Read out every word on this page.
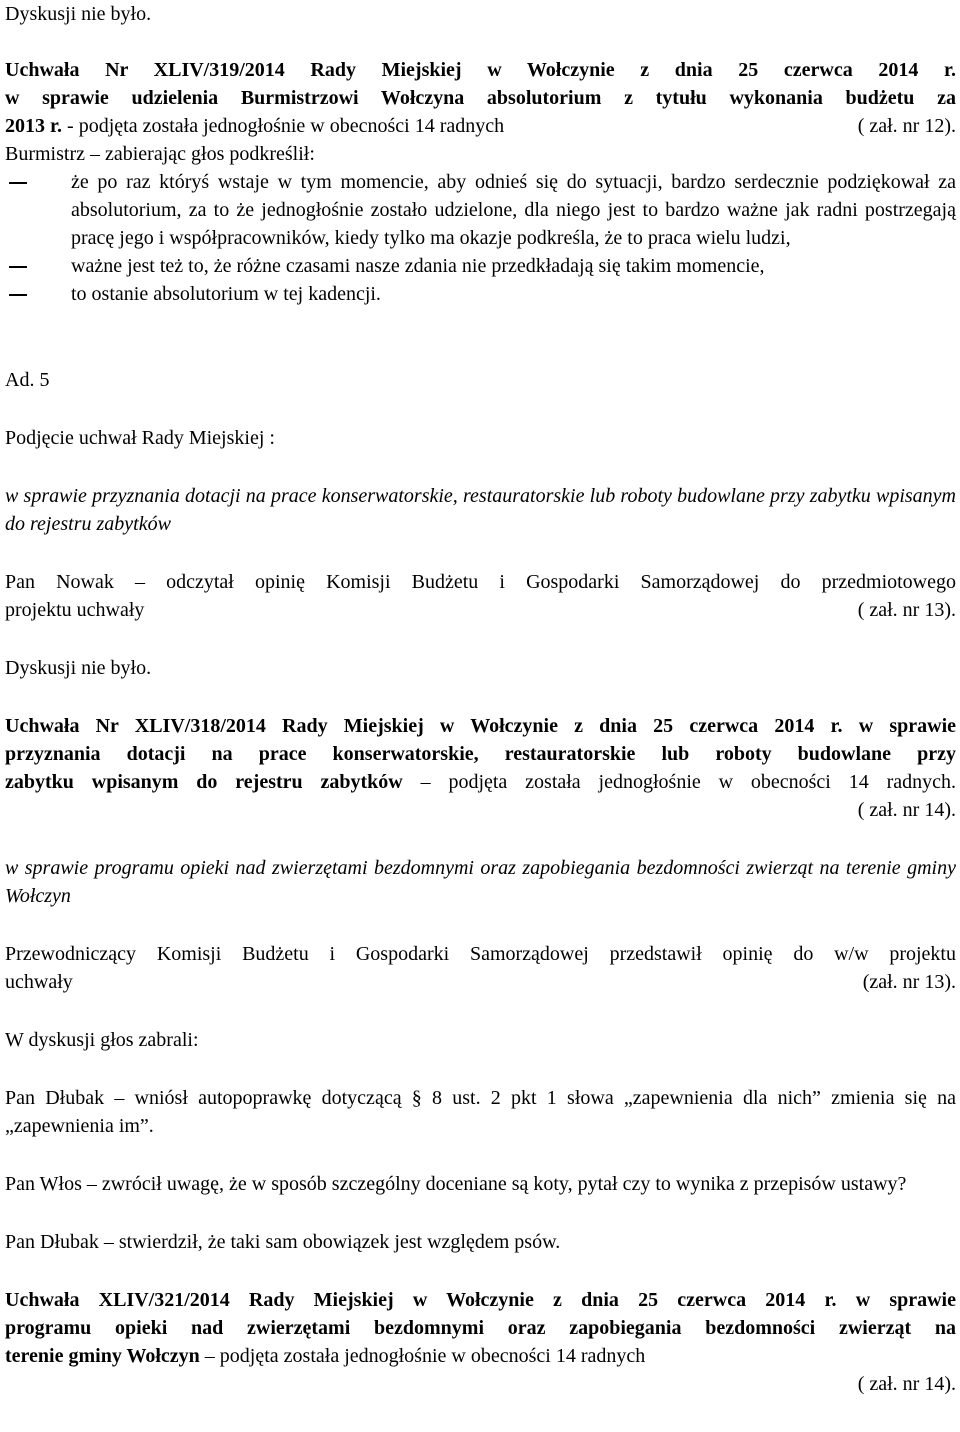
Dyskusji nie było.

Uchwała Nr XLIV/319/2014 Rady Miejskiej w Wołczynie z dnia 25 czerwca 2014 r.

w sprawie udzielenia Burmistrzowi Wołczyna absolutorium z tytułu wykonania budżetu za

2013 r. - podjęta została jednogłośnie w obecności 14 radnych	( zał. nr 12).

Burmistrz – zabierając głos podkreślił:

że po raz któryś wstaje w tym momencie, aby odnieś się do sytuacji, bardzo serdecznie podziękował za absolutorium, za to że jednogłośnie zostało udzielone, dla niego jest to bardzo ważne jak radni postrzegają pracę jego i współpracowników, kiedy tylko ma okazje podkreśla, że to praca wielu ludzi,
ważne jest też to, że różne czasami nasze zdania nie przedkładają się takim momencie,
to ostanie absolutorium w tej kadencji.

Ad. 5

Podjęcie uchwał Rady Miejskiej :

w sprawie przyznania dotacji na prace konserwatorskie, restauratorskie lub roboty budowlane przy zabytku wpisanym do rejestru zabytków

Pan Nowak – odczytał opinię Komisji Budżetu i Gospodarki Samorządowej do przedmiotowego

projektu uchwały	( zał. nr 13).

Dyskusji nie było.

Uchwała Nr XLIV/318/2014 Rady Miejskiej w Wołczynie z dnia 25 czerwca 2014 r. w sprawie

przyznania dotacji na prace konserwatorskie, restauratorskie lub roboty budowlane przy

zabytku wpisanym do rejestru zabytków – podjęta została jednogłośnie w obecności 14 radnych.

( zał. nr 14).

w sprawie programu opieki nad zwierzętami bezdomnymi oraz zapobiegania bezdomności zwierząt na terenie gminy Wołczyn

Przewodniczący Komisji Budżetu i Gospodarki Samorządowej przedstawił opinię do w/w projektu

uchwały	(zał. nr 13).

W dyskusji głos zabrali:

Pan Dłubak – wniósł autopoprawkę dotyczącą § 8 ust. 2 pkt 1 słowa „zapewnienia dla nich” zmienia się na „zapewnienia im”.

Pan Włos – zwrócił uwagę, że w sposób szczególny doceniane są koty, pytał czy to wynika z przepisów ustawy?

Pan Dłubak – stwierdził, że taki sam obowiązek jest względem psów.

Uchwała XLIV/321/2014 Rady Miejskiej w Wołczynie z dnia 25 czerwca 2014 r. w sprawie

programu opieki nad zwierzętami bezdomnymi oraz zapobiegania bezdomności zwierząt na

terenie gminy Wołczyn – podjęta została jednogłośnie w obecności 14 radnych

( zał. nr 14).
